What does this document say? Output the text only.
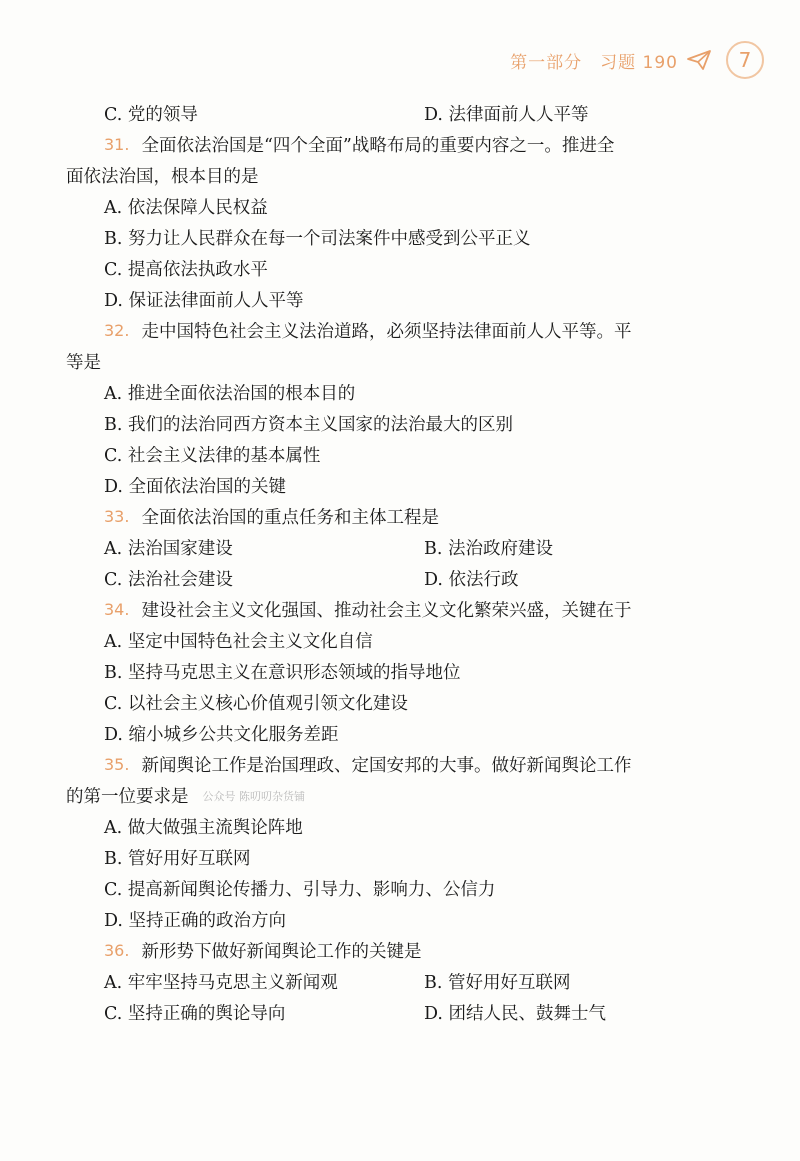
第一部分 习题 190	7
C. 党的领导	D. 法律面前人人平等
31. 全面依法治国是“四个全面”战略布局的重要内容之一。推进全
面依法治国，根本目的是
A. 依法保障人民权益
B. 努力让人民群众在每一个司法案件中感受到公平正义
C. 提高依法执政水平
D. 保证法律面前人人平等
32. 走中国特色社会主义法治道路，必须坚持法律面前人人平等。平
等是
A. 推进全面依法治国的根本目的
B. 我们的法治同西方资本主义国家的法治最大的区别
C. 社会主义法律的基本属性
D. 全面依法治国的关键
33. 全面依法治国的重点任务和主体工程是
A. 法治国家建设	B. 法治政府建设
C. 法治社会建设	D. 依法行政
34. 建设社会主义文化强国、推动社会主义文化繁荣兴盛，关键在于
A. 坚定中国特色社会主义文化自信
B. 坚持马克思主义在意识形态领域的指导地位
C. 以社会主义核心价值观引领文化建设
D. 缩小城乡公共文化服务差距
35. 新闻舆论工作是治国理政、定国安邦的大事。做好新闻舆论工作
的第一位要求是 公众号 陈叨叨杂货铺
A. 做大做强主流舆论阵地
B. 管好用好互联网
C. 提高新闻舆论传播力、引导力、影响力、公信力
D. 坚持正确的政治方向
36. 新形势下做好新闻舆论工作的关键是
A. 牢牢坚持马克思主义新闻观	B. 管好用好互联网
C. 坚持正确的舆论导向	D. 团结人民、鼓舞士气
